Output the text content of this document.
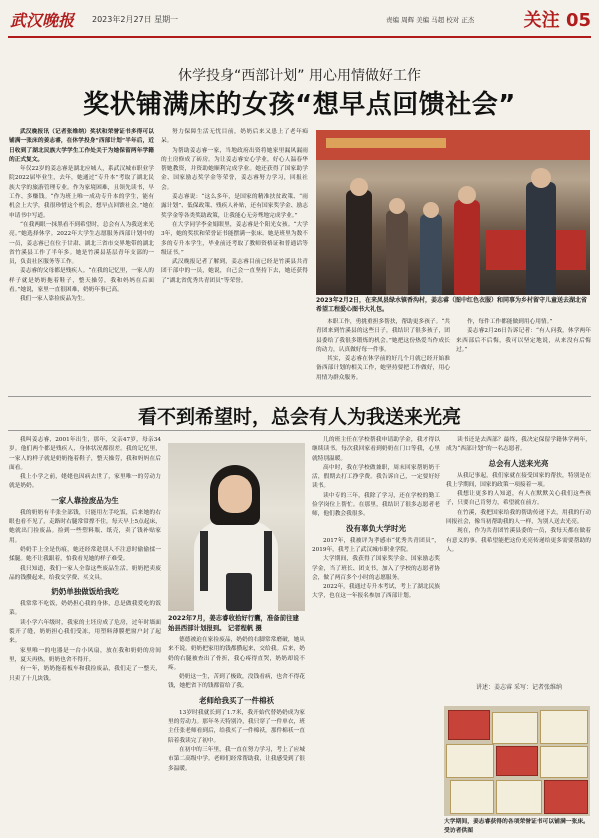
武汉晚报 2023年2月27日 星期一	责编 周辉 美编 马超 校对 正杰	关注 05
休学投身“西部计划” 用心用情做好工作
奖状铺满床的女孩“想早点回馈社会”

武汉晚报讯（记者张维纳）奖状和荣誉证书多得可以铺满一张床的姜志睿，在休学投身“西部计划”半年后，近日收到了湖北民族大学学生工作处关于为她保留两年学籍的正式复文。

年仅22岁的姜志睿是湖北应城人，系武汉城市职业学院2022届毕业生，去年，她通过“专升本”考取了湖北民族大学的旅游管理专业。作为家境困难，且领先读书，早工作、多赚钱。“作为班上唯一成功专升本的学生，能有机会上大学，我很珍惜这个机会，想早点回馈社会。”她在申请书中写道。

“在我两眼一抹黑看不到希望时，总会有人为我送来光亮。”她选择休学。2022年大学生志愿服务西部计划中的一员，姜志睿已在位于甘肃、湖北三省市交界地带的湖北省竹溪县工作了半年多。她是竹溪县基层青年支部的一员，负责社区服务等工作。

姜志睿的父母都是残疾人。“在我的记忆里，一家人的样子就是奶奶拖着鞋子，整天操劳，我和妈妈在后面看。”她说，家里一直很困难，奶奶年事已高。

我们一家人靠捡废品为生。

努力保障生活无忧目前，奶奶后来又患上了老年痴呆。

为帮助姜志睿一家，当地政府出资将她家里漏风漏雨的土房修成了砖房。为让姜志睿安心学业，好心人温春华帮她教资，并资助她顺利完成学业。她还获得了国家助学金、国家励志奖学金等荣誉，姜志睿努力学习，回报社会。

姜志睿说：“这么多年，是国家的精准扶贫政策、“雨露计划”、低保政策、残疾人补贴，还有国家奖学金、励志奖学金等各类奖助政策，让我能心无旁骛地完成学业。”

在大学同学李金娟眼里，姜志睿是个阳光女孩。“大学3年，她的奖状和荣誉证书能摆满一张床。她是班里为数不多的专升本学生，毕业前还考取了教师资格证和普通话等级证书。”

武汉晚报记者了解到，姜志睿目前已经是竹溪县共青团干部中的一员，她说，自己会一直坚持下去，她还获得了“湖北省优秀共青团员”等荣誉。

2023年2月2日，在来凤县绿水镇香沟村，姜志睿（图中红色衣服）和同事为乡村留守儿童送去湖北省希望工程爱心图书大礼包。

本职工作，勇挑重担多帮扶，帮助更多孩子。“共青团来到竹溪县的这些日子，我结识了很多孩子，团县委给了我很多锻炼的机会。”她把这份热爱当作成长的动力，认真做好每一件事。

其实，姜志睿在休学前的好几个月就已经开始准备西部计划的相关工作，她坚持要把工作做好，用心用情为群众服务。

作，每件工作都能做到用心用情。”

姜志睿2月26日告诉记者：“有人问我，休学两年来西部后不后悔，我可以坚定地说，从来没有后悔过。”

看不到希望时，总会有人为我送来光亮

我叫姜志睿，2001年出生，那年，父亲47岁，母亲34岁。他们两个都是残疾人，身体状况都很差。我的记忆里，一家人的样子就是奶奶拖着鞋子，整天操劳，我和妈妈在后面看。

我上小学之前，姥姥也因病去世了，家里唯一的劳动力就是奶奶。

一家人靠捡废品为生

我的奶奶有半张全部钱，只能用左手吃饭，后来她的右眼也看不见了，走路时右腿常常撑不住，每天早上5点起床，她就出门捡废品。捡到一些塑料瓶、纸壳，卖了钱补贴家用。

奶奶手上全是伤痕，她还经常趁别人不注意时偷偷揉一揉腿。她不让我跟着，怕我看见她的样子难受。

我只知道，我们一家人全靠这些废品生活。奶奶把卖废品的钱攒起来，给我交学费、买文具。

奶奶单独做饭给我吃

我常常不吃饭，奶奶担心我的身体，总是做我爱吃的饭菜。

读小学六年级时，我家的土坯房成了危房，过年时墙面裂开了缝，奶奶担心我们受冻，用塑料薄膜把窗户封了起来。

家里唯一的电器是一台小风扇，放在我和奶奶的房间里，夏天再热，奶奶也舍不得开。

有一年，奶奶拖着板车和我捡废品，我们走了一整天，只卖了十几块钱。

2022年7月，姜志睿收拾好行囊，准备前往建始县西部计划报到。 记者程帆 摄

德德被迫在家捡废品，奶奶的右脚常常磨破，她从来不说。奶奶把家用的钱都攒起来，交给我。后来，奶奶的右腿被查出了骨折，我心疼得直哭，奶奶却说不疼。

奶奶这一生，苦到了极致，没钱看病，也舍不得花钱，她把省下的钱都留给了我。

老师给我买了一件棉袄

13岁时我就长到了1.7米，我开始代替奶奶成为家里的劳动力。那年冬天特别冷，我只穿了一件单衣，班主任张老师看到后，给我买了一件棉袄，那件棉袄一直陪着我读完了初中。

在初中的三年里，我一直在努力学习，考上了应城市第二高级中学。老师们经常帮助我，让我感受到了很多温暖。

儿的班主任在学校帮我申请助学金，我才得以继续读书。每次我回家看到奶奶在门口等我，心里就特别温暖。

高中时，我在学校做兼职，周末回家帮奶奶干活，假期去打工挣学费。我告诉自己，一定要好好读书。

读中专的三年，我除了学习，还在学校的勤工俭学岗位上帮忙。在那里，我结识了很多志愿者老师，他们教会我很多。

没有辜负大学时光

2017年，我被评为孝感市“优秀共青团员”，2019年，我考上了武汉城市职业学院。

大学期间，我获得了国家奖学金、国家励志奖学金，当了班长、团支书，加入了学校的志愿者协会，做了两百多个小时的志愿服务。

2022年，我通过专升本考试，考上了湖北民族大学，也在这一年报名参加了西部计划。

读书还是去西部？最终，我决定保留学籍休学两年，成为“西部计划”的一名志愿者。

总会有人送来光亮

从我记事起，我们家就在接受国家的帮扶，特别是在我上学期间，国家的政策一项接着一项。

我想让更多的人知道，有人在默默关心我们这些孩子，只要自己肯努力，希望就在前方。

在竹溪，我把国家给我的帮助传递下去，用我的行动回报社会，像当初帮助我的人一样，为别人送去光亮。

现在，作为共青团竹溪县委的一员，我每天都在做着有意义的事。我希望能把这份光亮传递给更多需要帮助的人。

讲述：姜志睿 采写：记者张维纳
大学期间，姜志睿获得的各项荣誉证书可以铺满一张床。受访者供图
